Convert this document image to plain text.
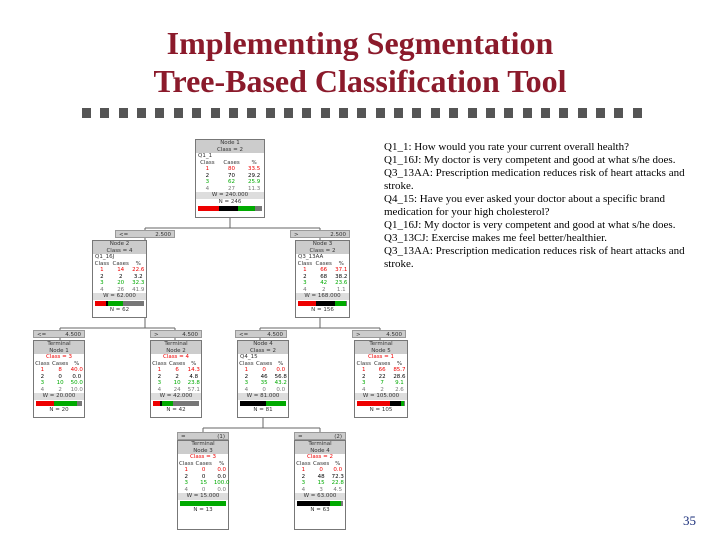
Implementing Segmentation
Tree-Based Classification Tool

Q1_1: How would you rate your current overall health?

Q1_16J: My doctor is very competent and good at what s/he does.

Q3_13AA: Prescription medication reduces risk of heart attacks and stroke.

Q4_15: Have you ever asked your doctor about a specific brand medication for your high cholesterol?

Q1_16J: My doctor is very competent and good at what s/he does.

Q3_13CJ: Exercise makes me feel better/healthier.

Q3_13AA: Prescription medication reduces risk of heart attacks and stroke.

Node 1
Class = 2
Q1_1
Class	Cases	%
1	80	33.5
2	70	29.2
3	62	25.9
4	27	11.3
W = 240.000
N = 246
<=	2.500	>	2.500
Node 2
Class = 4
Q1_16J
Class	Cases	%
1	14	22.6
2	2	3.2
3	20	32.3
4	26	41.9
W = 62.000
N = 62
Node 3
Class = 2
Q3_13AA
Class	Cases	%
1	66	37.1
2	68	38.2
3	42	23.6
4	2	1.1
W = 168.000
N = 156
<=	4.500	>	4.500	<=	4.500	>	4.500
Terminal
Node 1
Class = 3
Class	Cases	%
1	8	40.0
2	0	0.0
3	10	50.0
4	2	10.0
W = 20.000
N = 20
Terminal
Node 2
Class = 4
Class	Cases	%
1	6	14.3
2	2	4.8
3	10	23.8
4	24	57.1
W = 42.000
N = 42
Node 4
Class = 2
Q4_15
Class	Cases	%
1	0	0.0
2	46	56.8
3	35	43.2
4	0	0.0
W = 81.000
N = 81
Terminal
Node 5
Class = 1
Class	Cases	%
1	66	85.7
2	22	28.6
3	7	9.1
4	2	2.6
W = 105.000
N = 105
=	(1)	=	(2)
Terminal
Node 3
Class = 3
Class	Cases	%
1	0	0.0
2	0	0.0
3	15	100.0
4	0	0.0
W = 15.000
N = 13
Terminal
Node 4
Class = 2
Class	Cases	%
1	0	0.0
2	48	72.3
3	15	22.8
4	3	4.5
W = 63.000
N = 63
35
